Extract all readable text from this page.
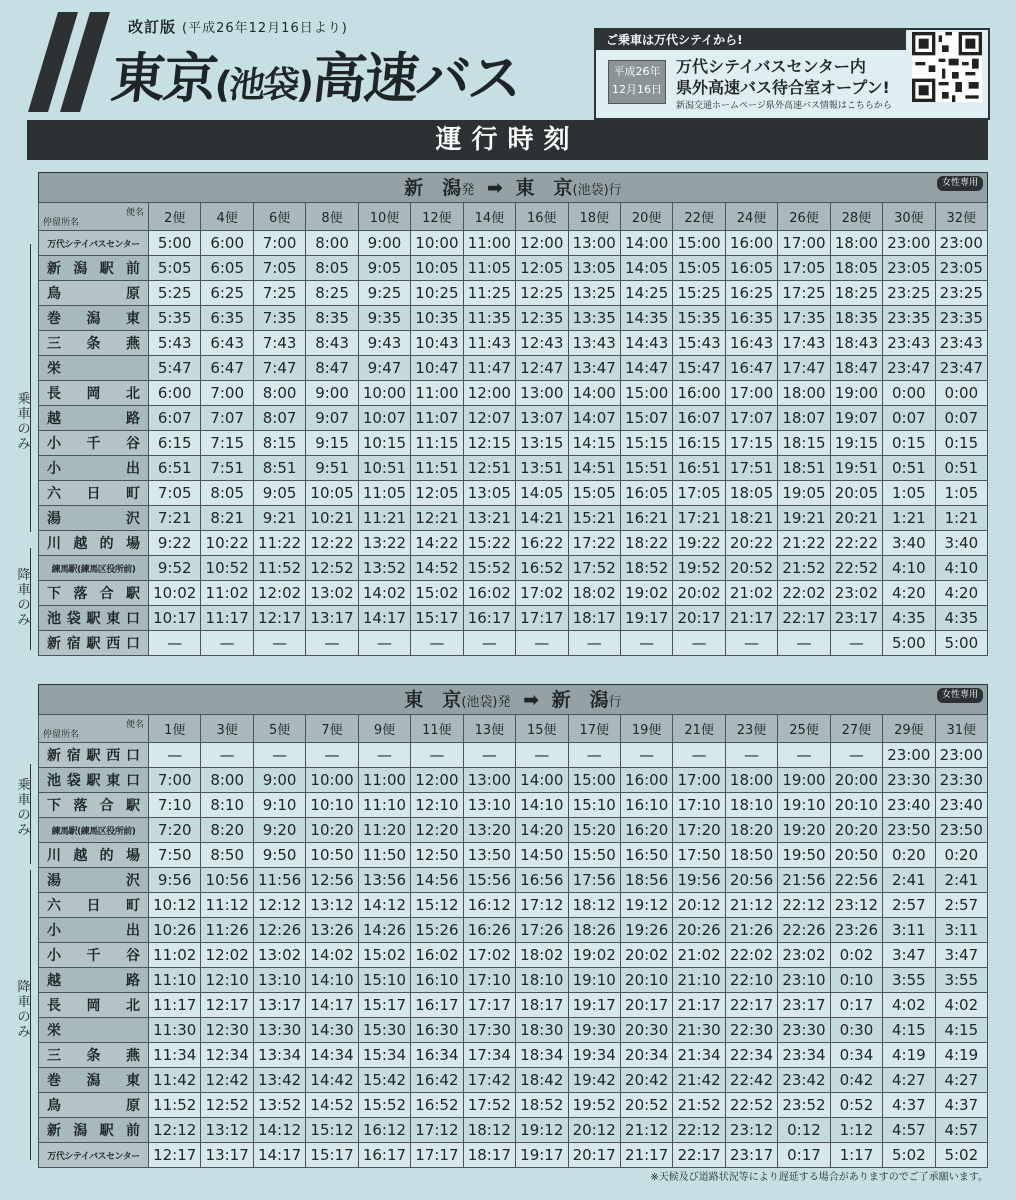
改訂版 (平成26年12月16日より)
東京(池袋)高速バス
ご乗車は万代シテイから!
平成26年
12月16日
万代シテイバスセンター内
県外高速バス待合室オープン!
新潟交通ホームページ県外高速バス情報はこちらから
運行時刻
乗車のみ
降車のみ
新　潟発 ➡ 東　京(池袋)行	女性専用
停留所名
便名	2便	4便	6便	8便	10便	12便	14便	16便	18便	20便	22便	24便	26便	28便	30便	32便
万代シテイバスセンター	5:00	6:00	7:00	8:00	9:00	10:00	11:00	12:00	13:00	14:00	15:00	16:00	17:00	18:00	23:00	23:00
新潟駅前	5:05	6:05	7:05	8:05	9:05	10:05	11:05	12:05	13:05	14:05	15:05	16:05	17:05	18:05	23:05	23:05
鳥原	5:25	6:25	7:25	8:25	9:25	10:25	11:25	12:25	13:25	14:25	15:25	16:25	17:25	18:25	23:25	23:25
巻潟東	5:35	6:35	7:35	8:35	9:35	10:35	11:35	12:35	13:35	14:35	15:35	16:35	17:35	18:35	23:35	23:35
三条燕	5:43	6:43	7:43	8:43	9:43	10:43	11:43	12:43	13:43	14:43	15:43	16:43	17:43	18:43	23:43	23:43
栄	5:47	6:47	7:47	8:47	9:47	10:47	11:47	12:47	13:47	14:47	15:47	16:47	17:47	18:47	23:47	23:47
長岡北	6:00	7:00	8:00	9:00	10:00	11:00	12:00	13:00	14:00	15:00	16:00	17:00	18:00	19:00	0:00	0:00
越路	6:07	7:07	8:07	9:07	10:07	11:07	12:07	13:07	14:07	15:07	16:07	17:07	18:07	19:07	0:07	0:07
小千谷	6:15	7:15	8:15	9:15	10:15	11:15	12:15	13:15	14:15	15:15	16:15	17:15	18:15	19:15	0:15	0:15
小出	6:51	7:51	8:51	9:51	10:51	11:51	12:51	13:51	14:51	15:51	16:51	17:51	18:51	19:51	0:51	0:51
六日町	7:05	8:05	9:05	10:05	11:05	12:05	13:05	14:05	15:05	16:05	17:05	18:05	19:05	20:05	1:05	1:05
湯沢	7:21	8:21	9:21	10:21	11:21	12:21	13:21	14:21	15:21	16:21	17:21	18:21	19:21	20:21	1:21	1:21
川越的場	9:22	10:22	11:22	12:22	13:22	14:22	15:22	16:22	17:22	18:22	19:22	20:22	21:22	22:22	3:40	3:40
練馬駅(練馬区役所前)	9:52	10:52	11:52	12:52	13:52	14:52	15:52	16:52	17:52	18:52	19:52	20:52	21:52	22:52	4:10	4:10
下落合駅	10:02	11:02	12:02	13:02	14:02	15:02	16:02	17:02	18:02	19:02	20:02	21:02	22:02	23:02	4:20	4:20
池袋駅東口	10:17	11:17	12:17	13:17	14:17	15:17	16:17	17:17	18:17	19:17	20:17	21:17	22:17	23:17	4:35	4:35
新宿駅西口	—	—	—	—	—	—	—	—	—	—	—	—	—	—	5:00	5:00
乗車のみ
降車のみ
東　京(池袋)発 ➡ 新　潟行	女性専用
停留所名
便名	1便	3便	5便	7便	9便	11便	13便	15便	17便	19便	21便	23便	25便	27便	29便	31便
新宿駅西口	—	—	—	—	—	—	—	—	—	—	—	—	—	—	23:00	23:00
池袋駅東口	7:00	8:00	9:00	10:00	11:00	12:00	13:00	14:00	15:00	16:00	17:00	18:00	19:00	20:00	23:30	23:30
下落合駅	7:10	8:10	9:10	10:10	11:10	12:10	13:10	14:10	15:10	16:10	17:10	18:10	19:10	20:10	23:40	23:40
練馬駅(練馬区役所前)	7:20	8:20	9:20	10:20	11:20	12:20	13:20	14:20	15:20	16:20	17:20	18:20	19:20	20:20	23:50	23:50
川越的場	7:50	8:50	9:50	10:50	11:50	12:50	13:50	14:50	15:50	16:50	17:50	18:50	19:50	20:50	0:20	0:20
湯沢	9:56	10:56	11:56	12:56	13:56	14:56	15:56	16:56	17:56	18:56	19:56	20:56	21:56	22:56	2:41	2:41
六日町	10:12	11:12	12:12	13:12	14:12	15:12	16:12	17:12	18:12	19:12	20:12	21:12	22:12	23:12	2:57	2:57
小出	10:26	11:26	12:26	13:26	14:26	15:26	16:26	17:26	18:26	19:26	20:26	21:26	22:26	23:26	3:11	3:11
小千谷	11:02	12:02	13:02	14:02	15:02	16:02	17:02	18:02	19:02	20:02	21:02	22:02	23:02	0:02	3:47	3:47
越路	11:10	12:10	13:10	14:10	15:10	16:10	17:10	18:10	19:10	20:10	21:10	22:10	23:10	0:10	3:55	3:55
長岡北	11:17	12:17	13:17	14:17	15:17	16:17	17:17	18:17	19:17	20:17	21:17	22:17	23:17	0:17	4:02	4:02
栄	11:30	12:30	13:30	14:30	15:30	16:30	17:30	18:30	19:30	20:30	21:30	22:30	23:30	0:30	4:15	4:15
三条燕	11:34	12:34	13:34	14:34	15:34	16:34	17:34	18:34	19:34	20:34	21:34	22:34	23:34	0:34	4:19	4:19
巻潟東	11:42	12:42	13:42	14:42	15:42	16:42	17:42	18:42	19:42	20:42	21:42	22:42	23:42	0:42	4:27	4:27
鳥原	11:52	12:52	13:52	14:52	15:52	16:52	17:52	18:52	19:52	20:52	21:52	22:52	23:52	0:52	4:37	4:37
新潟駅前	12:12	13:12	14:12	15:12	16:12	17:12	18:12	19:12	20:12	21:12	22:12	23:12	0:12	1:12	4:57	4:57
万代シテイバスセンター	12:17	13:17	14:17	15:17	16:17	17:17	18:17	19:17	20:17	21:17	22:17	23:17	0:17	1:17	5:02	5:02
※天候及び道路状況等により遅延する場合がありますのでご了承願います。
